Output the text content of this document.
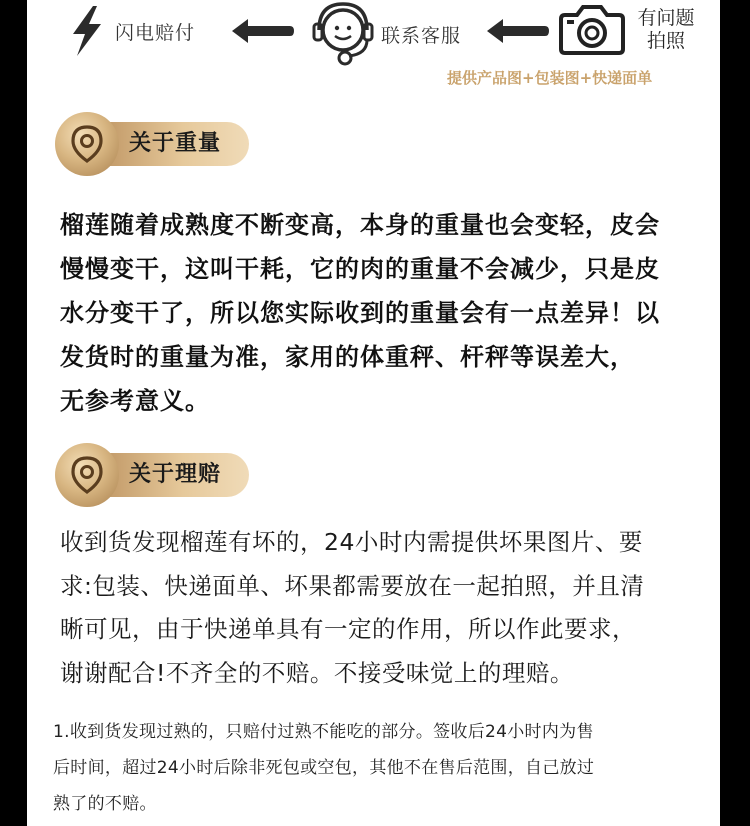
闪电赔付	联系客服
有问题
拍照
提供产品图+包装图+快递面单
关于重量
榴莲随着成熟度不断变高，本身的重量也会变轻，皮会
慢慢变干，这叫干耗，它的肉的重量不会减少，只是皮
水分变干了，所以您实际收到的重量会有一点差异！以
发货时的重量为准，家用的体重秤、杆秤等误差大，
无参考意义。
关于理赔
收到货发现榴莲有坏的，24小时内需提供坏果图片、要
求:包装、快递面单、坏果都需要放在一起拍照，并且清
晰可见，由于快递单具有一定的作用，所以作此要求，
谢谢配合!不齐全的不赔。不接受味觉上的理赔。
1.收到货发现过熟的，只赔付过熟不能吃的部分。签收后24小时内为售
后时间，超过24小时后除非死包或空包，其他不在售后范围，自己放过
熟了的不赔。
